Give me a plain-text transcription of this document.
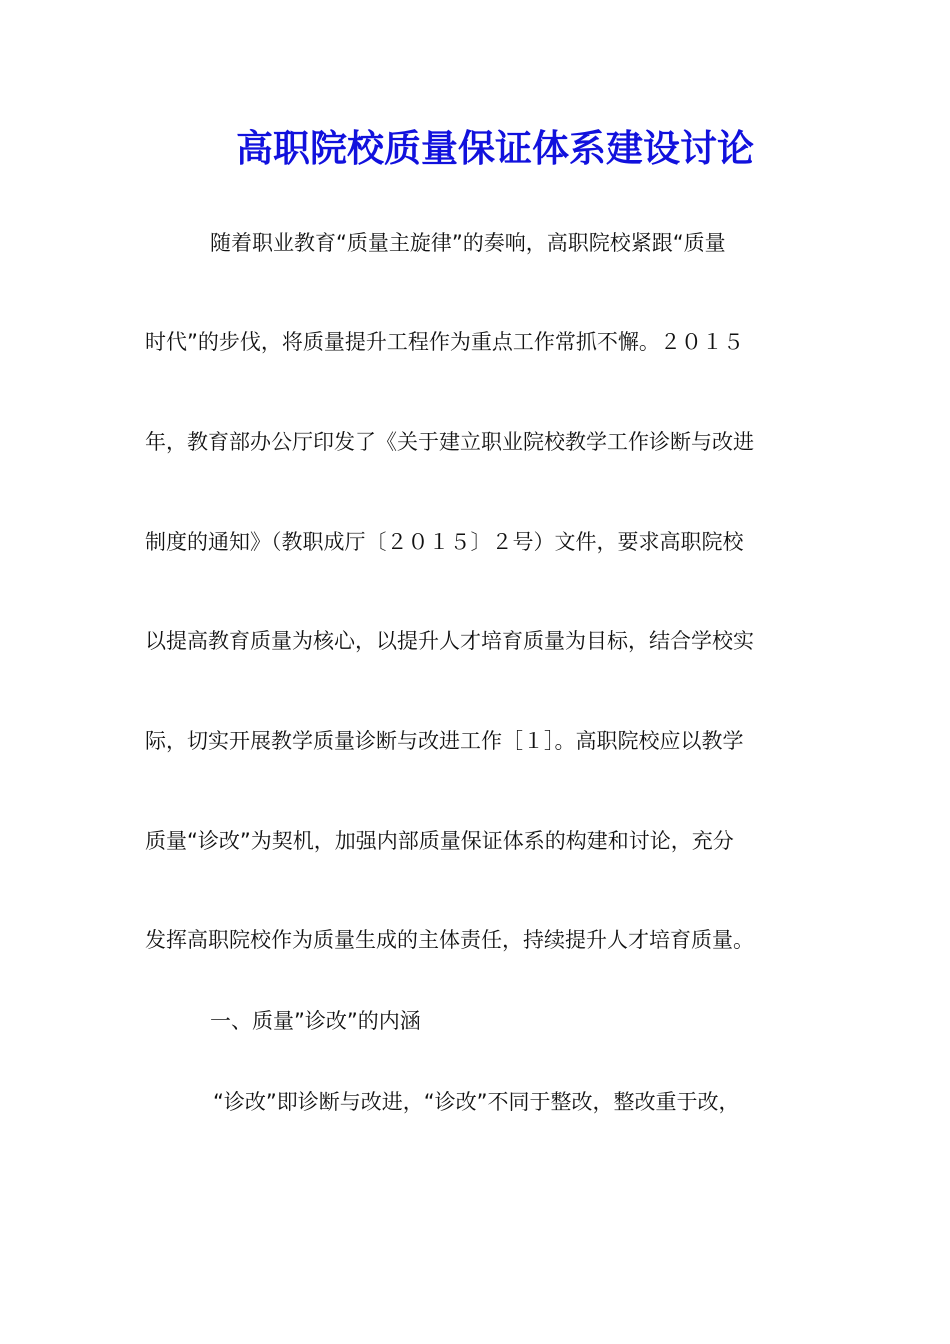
高职院校质量保证体系建设讨论
随着职业教育“质量主旋律”的奏响，高职院校紧跟“质量
时代”的步伐，将质量提升工程作为重点工作常抓不懈。２０１５
年，教育部办公厅印发了《关于建立职业院校教学工作诊断与改进
制度的通知》（教职成厅〔２０１５〕２号）文件，要求高职院校
以提高教育质量为核心，以提升人才培育质量为目标，结合学校实
际，切实开展教学质量诊断与改进工作［１］。高职院校应以教学
质量“诊改”为契机，加强内部质量保证体系的构建和讨论，充分
发挥高职院校作为质量生成的主体责任，持续提升人才培育质量。
一、质量”诊改”的内涵
“诊改”即诊断与改进，“诊改”不同于整改，整改重于改，
